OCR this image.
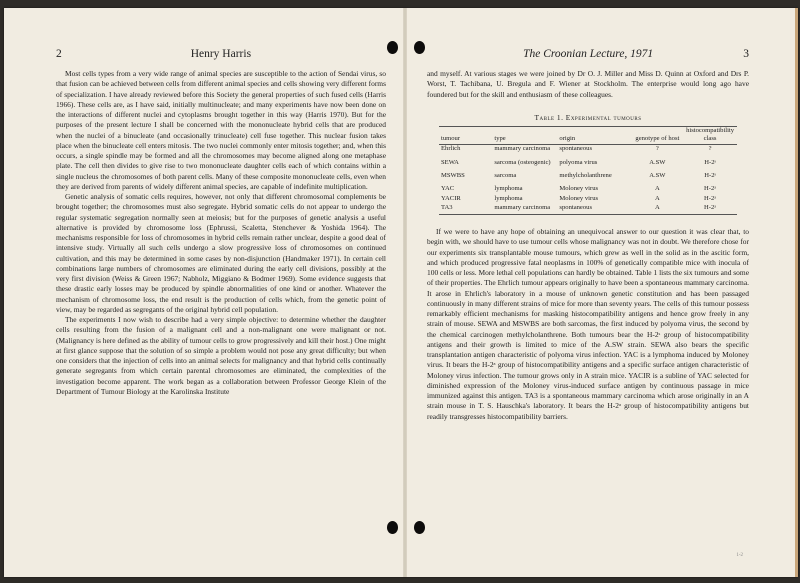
2	Henry Harris

Most cells types from a very wide range of animal species are susceptible to the action of Sendai virus, so that fusion can be achieved between cells from different animal species and cells showing very different forms of specialization. I have already reviewed before this Society the general properties of such fused cells (Harris 1966). These cells are, as I have said, initially multinucleate; and many experiments have now been done on the interactions of different nuclei and cytoplasms brought together in this way (Harris 1970). But for the purposes of the present lecture I shall be concerned with the mononucleate hybrid cells that are produced when the nuclei of a binucleate (and occasionally trinucleate) cell fuse together. This nuclear fusion takes place when the binucleate cell enters mitosis. The two nuclei commonly enter mitosis together; and, when this occurs, a single spindle may be formed and all the chromosomes may become aligned along one metaphase plate. The cell then divides to give rise to two mononucleate daughter cells each of which contains within a single nucleus the chromosomes of both parent cells. Many of these composite mononucleate cells, even when they are derived from parents of widely different animal species, are capable of indefinite multiplication.

Genetic analysis of somatic cells requires, however, not only that different chromosomal complements be brought together; the chromosomes must also segregate. Hybrid somatic cells do not appear to undergo the regular systematic segregation normally seen at meiosis; but for the purposes of genetic analysis a useful alternative is provided by chromosome loss (Ephrussi, Scaletta, Stenchever & Yoshida 1964). The mechanisms responsible for loss of chromosomes in hybrid cells remain rather unclear, despite a good deal of intensive study. Virtually all such cells undergo a slow progressive loss of chromosomes on continued cultivation, and this may be determined in some cases by non-disjunction (Handmaker 1971). In certain cell combinations large numbers of chromosomes are eliminated during the early cell divisions, possibly at the very first division (Weiss & Green 1967; Nabholz, Miggiano & Bodmer 1969). Some evidence suggests that these drastic early losses may be produced by spindle abnormalities of one kind or another. Whatever the mechanism of chromosome loss, the end result is the production of cells which, from the genetic point of view, may be regarded as segregants of the original hybrid cell population.

The experiments I now wish to describe had a very simple objective: to determine whether the daughter cells resulting from the fusion of a malignant cell and a non-malignant one were malignant or not. (Malignancy is here defined as the ability of tumour cells to grow progressively and kill their host.) One might at first glance suppose that the solution of so simple a problem would not pose any great difficulty; but when one considers that the injection of cells into an animal selects for malignancy and that hybrid cells continually generate segregants from which certain parental chromosomes are eliminated, the complexities of the investigation become apparent. The work began as a collaboration between Professor George Klein of the Department of Tumour Biology at the Karolinska Institute

The Croonian Lecture, 1971	3

and myself. At various stages we were joined by Dr O. J. Miller and Miss D. Quinn at Oxford and Drs P. Worst, T. Tachibana, U. Bregula and F. Wiener at Stockholm. The enterprise would long ago have foundered but for the skill and enthusiasm of these colleagues.

Table 1. Experimental tumours
tumour	type	origin	genotype of host	histocompatibility class
Ehrlich	mammary carcinoma	spontaneous	?	?
SEWA	sarcoma (osteogenic)	polyoma virus	A.SW	H-2ˢ
MSWBS	sarcoma	methylcholanthrene	A.SW	H-2ˢ
YAC	lymphoma	Moloney virus	A	H-2ᵃ
YACIR	lymphoma	Moloney virus	A	H-2ᵃ
TA3	mammary carcinoma	spontaneous	A	H-2ᵃ

If we were to have any hope of obtaining an unequivocal answer to our question it was clear that, to begin with, we should have to use tumour cells whose malignancy was not in doubt. We therefore chose for our experiments six transplantable mouse tumours, which grew as well in the solid as in the ascitic form, and which produced progressive fatal neoplasms in 100% of genetically compatible mice with inocula of 100 cells or less. More lethal cell populations can hardly be obtained. Table 1 lists the six tumours and some of their properties. The Ehrlich tumour appears originally to have been a spontaneous mammary carcinoma. It arose in Ehrlich's laboratory in a mouse of unknown genetic constitution and has been passaged continuously in many different strains of mice for more than seventy years. The cells of this tumour possess remarkably efficient mechanisms for masking histocompatibility antigens and hence grow freely in any strain of mouse. SEWA and MSWBS are both sarcomas, the first induced by polyoma virus, the second by the chemical carcinogen methylcholanthrene. Both tumours bear the H-2ˢ group of histocompatibility antigens and their growth is limited to mice of the A.SW strain. SEWA also bears the specific transplantation antigen characteristic of polyoma virus infection. YAC is a lymphoma induced by Moloney virus. It bears the H-2ᵃ group of histocompatibility antigens and a specific surface antigen characteristic of Moloney virus infection. The tumour grows only in A strain mice. YACIR is a subline of YAC selected for diminished expression of the Moloney virus-induced surface antigen by continuous passage in mice immunized against this antigen. TA3 is a spontaneous mammary carcinoma which arose originally in an A strain mouse in T. S. Hauschka's laboratory. It bears the H-2ᵃ group of histocompatibility antigens but readily transgresses histocompatibility barriers.

1-2
